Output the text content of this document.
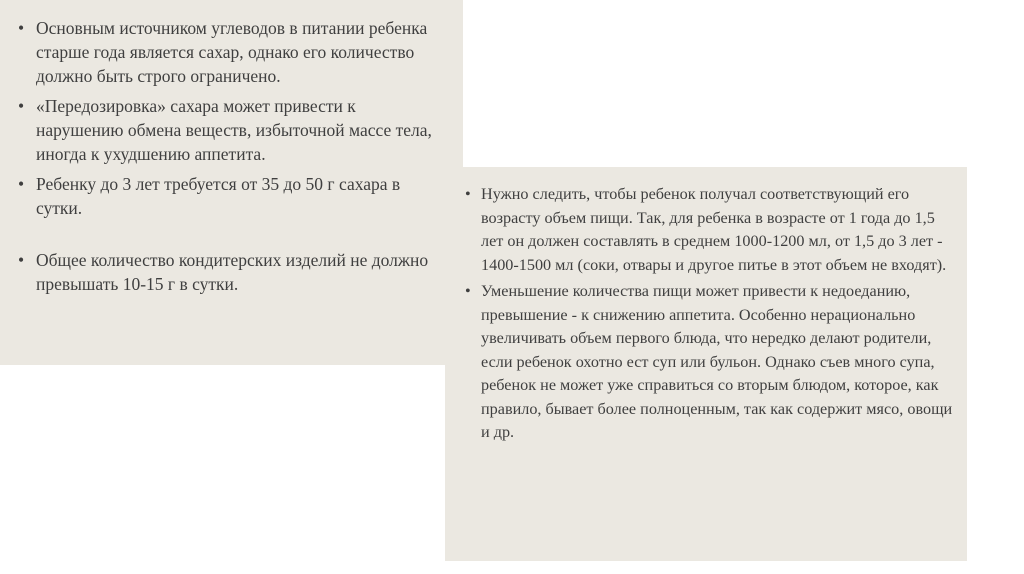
• Основным источником углеводов в питании ребенка старше года является сахар, однако его количество должно быть строго ограничено.
• «Передозировка» сахара может привести к нарушению обмена веществ, избыточной массе тела, иногда к ухудшению аппетита.
• Ребенку до 3 лет требуется от 35 до 50 г сахара в сутки.
• Общее количество кондитерских изделий не должно превышать 10-15 г в сутки.
• Нужно следить, чтобы ребенок получал соответствующий его возрасту объем пищи. Так, для ребенка в возрасте от 1 года до 1,5 лет он должен составлять в среднем 1000-1200 мл, от 1,5 до 3 лет - 1400-1500 мл (соки, отвары и другое питье в этот объем не входят).
• Уменьшение количества пищи может привести к недоеданию, превышение - к снижению аппетита. Особенно нерационально увеличивать объем первого блюда, что нередко делают родители, если ребенок охотно ест суп или бульон. Однако съев много супа, ребенок не может уже справиться со вторым блюдом, которое, как правило, бывает более полноценным, так как содержит мясо, овощи и др.
